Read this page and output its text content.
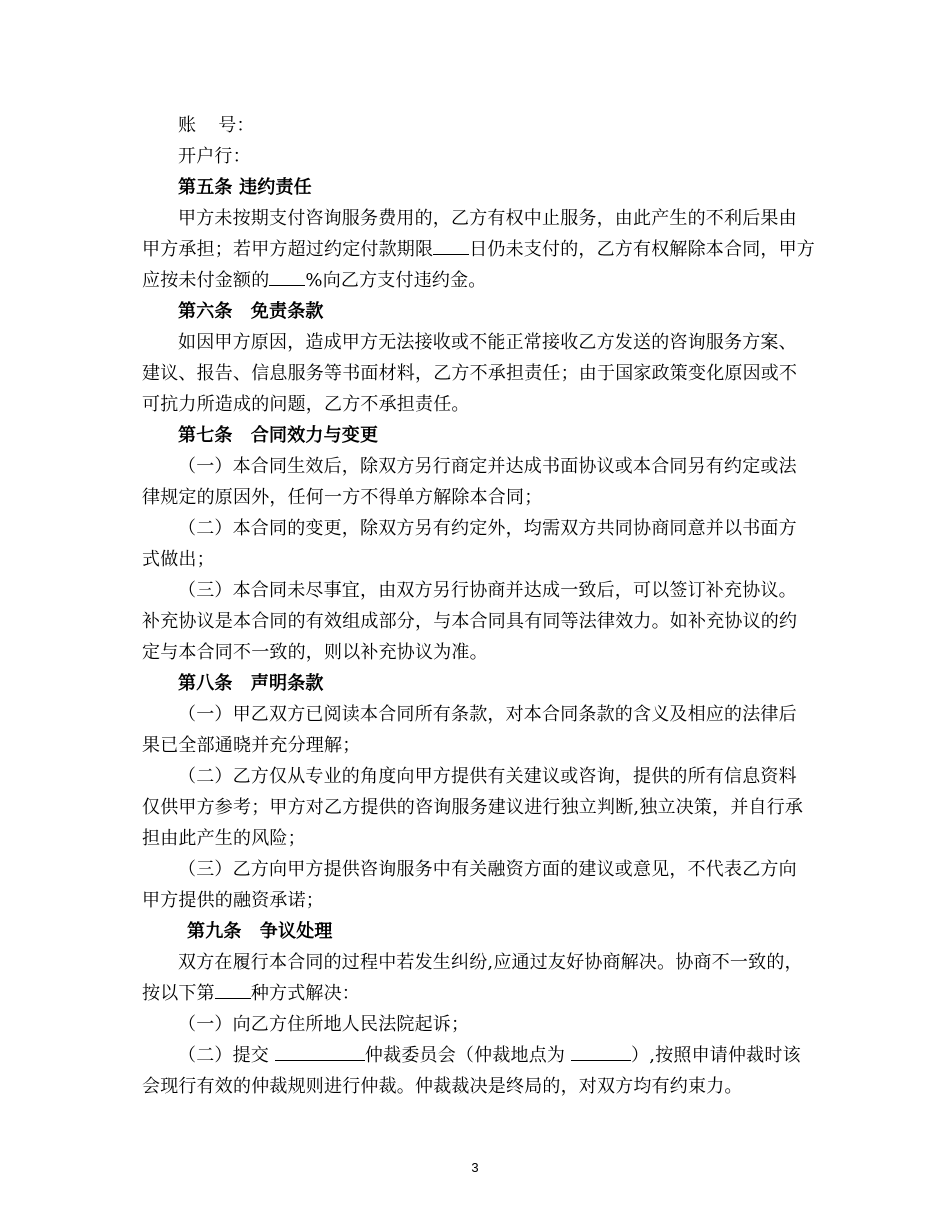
账 号：
开户行：
第五条 违约责任
甲方未按期支付咨询服务费用的，乙方有权中止服务，由此产生的不利后果由
甲方承担；若甲方超过约定付款期限 日仍未支付的，乙方有权解除本合同，甲方
应按未付金额的 %向乙方支付违约金。
第六条　免责条款
如因甲方原因，造成甲方无法接收或不能正常接收乙方发送的咨询服务方案、
建议、报告、信息服务等书面材料，乙方不承担责任；由于国家政策变化原因或不
可抗力所造成的问题，乙方不承担责任。
第七条　合同效力与变更
（一）本合同生效后，除双方另行商定并达成书面协议或本合同另有约定或法
律规定的原因外，任何一方不得单方解除本合同；
（二）本合同的变更，除双方另有约定外，均需双方共同协商同意并以书面方
式做出；
（三）本合同未尽事宜，由双方另行协商并达成一致后，可以签订补充协议。
补充协议是本合同的有效组成部分，与本合同具有同等法律效力。如补充协议的约
定与本合同不一致的，则以补充协议为准。
第八条　声明条款
（一）甲乙双方已阅读本合同所有条款，对本合同条款的含义及相应的法律后
果已全部通晓并充分理解；
（二）乙方仅从专业的角度向甲方提供有关建议或咨询，提供的所有信息资料
仅供甲方参考；甲方对乙方提供的咨询服务建议进行独立判断,独立决策，并自行承
担由此产生的风险；
（三）乙方向甲方提供咨询服务中有关融资方面的建议或意见，不代表乙方向
甲方提供的融资承诺；
第九条　争议处理
双方在履行本合同的过程中若发生纠纷,应通过友好协商解决。协商不一致的，
按以下第 种方式解决：
（一）向乙方住所地人民法院起诉；
（二）提交	仲裁委员会（仲裁地点为	）,按照申请仲裁时该
会现行有效的仲裁规则进行仲裁。仲裁裁决是终局的，对双方均有约束力。
3
